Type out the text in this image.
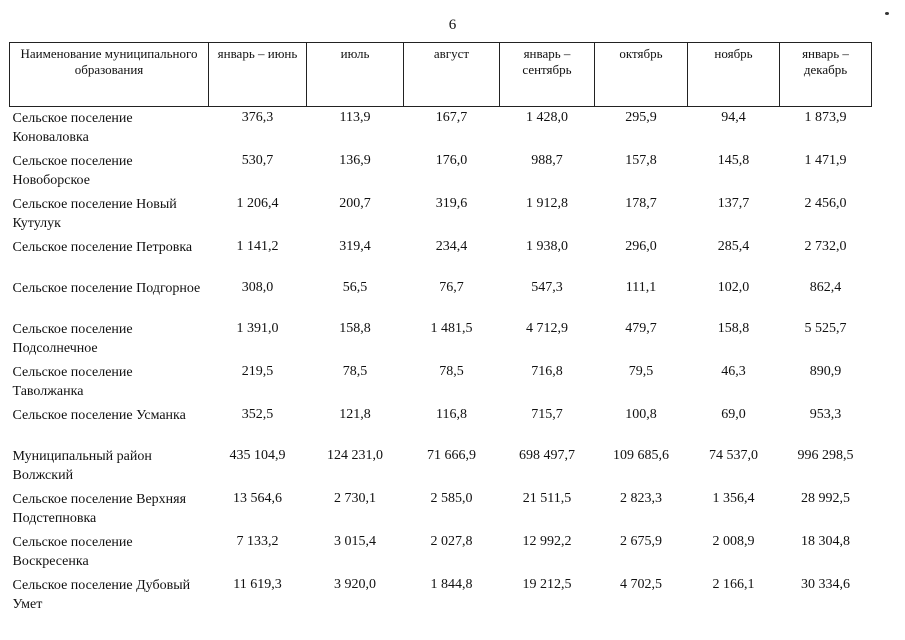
6
Наименование муниципального образования	январь – июнь	июль	август	январь – сентябрь	октябрь	ноябрь	январь – декабрь
Сельское поселение Коноваловка	376,3	113,9	167,7	1 428,0	295,9	94,4	1 873,9
Сельское поселение Новоборское	530,7	136,9	176,0	988,7	157,8	145,8	1 471,9
Сельское поселение Новый Кутулук	1 206,4	200,7	319,6	1 912,8	178,7	137,7	2 456,0
Сельское поселение Петровка	1 141,2	319,4	234,4	1 938,0	296,0	285,4	2 732,0
Сельское поселение Подгорное	308,0	56,5	76,7	547,3	111,1	102,0	862,4
Сельское поселение Подсолнечное	1 391,0	158,8	1 481,5	4 712,9	479,7	158,8	5 525,7
Сельское поселение Таволжанка	219,5	78,5	78,5	716,8	79,5	46,3	890,9
Сельское поселение Усманка	352,5	121,8	116,8	715,7	100,8	69,0	953,3
Муниципальный район Волжский	435 104,9	124 231,0	71 666,9	698 497,7	109 685,6	74 537,0	996 298,5
Сельское поселение Верхняя Подстепновка	13 564,6	2 730,1	2 585,0	21 511,5	2 823,3	1 356,4	28 992,5
Сельское поселение Воскресенка	7 133,2	3 015,4	2 027,8	12 992,2	2 675,9	2 008,9	18 304,8
Сельское поселение Дубовый Умет	11 619,3	3 920,0	1 844,8	19 212,5	4 702,5	2 166,1	30 334,6
